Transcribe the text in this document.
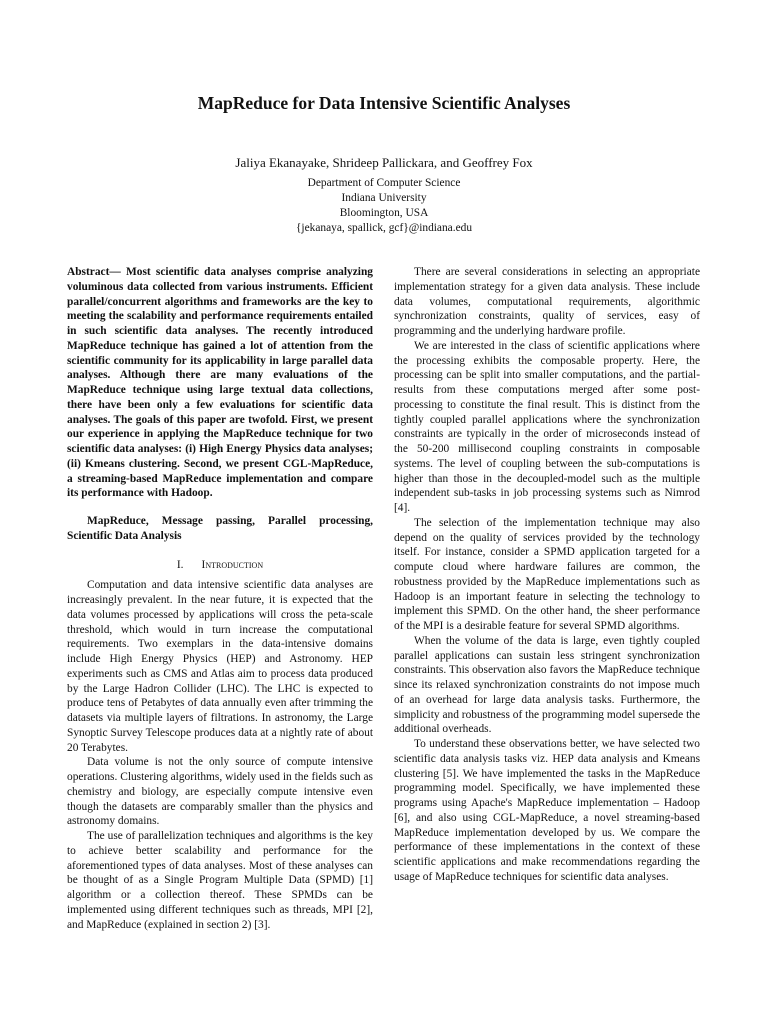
MapReduce for Data Intensive Scientific Analyses
Jaliya Ekanayake, Shrideep Pallickara, and Geoffrey Fox
Department of Computer Science
Indiana University
Bloomington, USA
{jekanaya, spallick, gcf}@indiana.edu

Abstract— Most scientific data analyses comprise analyzing voluminous data collected from various instruments. Efficient parallel/concurrent algorithms and frameworks are the key to meeting the scalability and performance requirements entailed in such scientific data analyses. The recently introduced MapReduce technique has gained a lot of attention from the scientific community for its applicability in large parallel data analyses. Although there are many evaluations of the MapReduce technique using large textual data collections, there have been only a few evaluations for scientific data analyses. The goals of this paper are twofold. First, we present our experience in applying the MapReduce technique for two scientific data analyses: (i) High Energy Physics data analyses; (ii) Kmeans clustering. Second, we present CGL-MapReduce, a streaming-based MapReduce implementation and compare its performance with Hadoop.

MapReduce, Message passing, Parallel processing, Scientific Data Analysis

I. Introduction

Computation and data intensive scientific data analyses are increasingly prevalent. In the near future, it is expected that the data volumes processed by applications will cross the peta-scale threshold, which would in turn increase the computational requirements. Two exemplars in the data-intensive domains include High Energy Physics (HEP) and Astronomy. HEP experiments such as CMS and Atlas aim to process data produced by the Large Hadron Collider (LHC). The LHC is expected to produce tens of Petabytes of data annually even after trimming the datasets via multiple layers of filtrations. In astronomy, the Large Synoptic Survey Telescope produces data at a nightly rate of about 20 Terabytes.

Data volume is not the only source of compute intensive operations. Clustering algorithms, widely used in the fields such as chemistry and biology, are especially compute intensive even though the datasets are comparably smaller than the physics and astronomy domains.

The use of parallelization techniques and algorithms is the key to achieve better scalability and performance for the aforementioned types of data analyses. Most of these analyses can be thought of as a Single Program Multiple Data (SPMD) [1] algorithm or a collection thereof. These SPMDs can be implemented using different techniques such as threads, MPI [2], and MapReduce (explained in section 2) [3].

There are several considerations in selecting an appropriate implementation strategy for a given data analysis. These include data volumes, computational requirements, algorithmic synchronization constraints, quality of services, easy of programming and the underlying hardware profile.

We are interested in the class of scientific applications where the processing exhibits the composable property. Here, the processing can be split into smaller computations, and the partial-results from these computations merged after some post-processing to constitute the final result. This is distinct from the tightly coupled parallel applications where the synchronization constraints are typically in the order of microseconds instead of the 50-200 millisecond coupling constraints in composable systems. The level of coupling between the sub-computations is higher than those in the decoupled-model such as the multiple independent sub-tasks in job processing systems such as Nimrod [4].

The selection of the implementation technique may also depend on the quality of services provided by the technology itself. For instance, consider a SPMD application targeted for a compute cloud where hardware failures are common, the robustness provided by the MapReduce implementations such as Hadoop is an important feature in selecting the technology to implement this SPMD. On the other hand, the sheer performance of the MPI is a desirable feature for several SPMD algorithms.

When the volume of the data is large, even tightly coupled parallel applications can sustain less stringent synchronization constraints. This observation also favors the MapReduce technique since its relaxed synchronization constraints do not impose much of an overhead for large data analysis tasks. Furthermore, the simplicity and robustness of the programming model supersede the additional overheads.

To understand these observations better, we have selected two scientific data analysis tasks viz. HEP data analysis and Kmeans clustering [5]. We have implemented the tasks in the MapReduce programming model. Specifically, we have implemented these programs using Apache's MapReduce implementation – Hadoop [6], and also using CGL-MapReduce, a novel streaming-based MapReduce implementation developed by us. We compare the performance of these implementations in the context of these scientific applications and make recommendations regarding the usage of MapReduce techniques for scientific data analyses.
